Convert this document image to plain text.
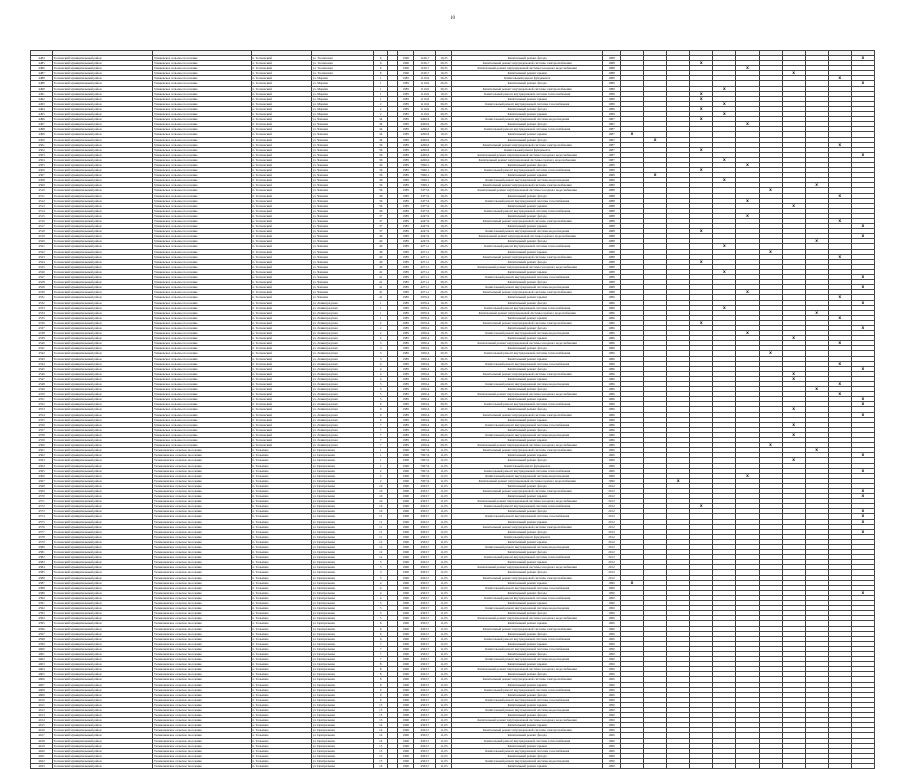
10

4484	Тосненский муниципальный район	Ушаковское сельское поселение	п. Тосненский	ул. Тосненская	6		1990	1106,7	10,25	Капитальный ремонт фасада	1988											X
4485	Тосненский муниципальный район	Ушаковское сельское поселение	п. Тосненский	ул. Тосненская	6		1990	1106,7	20,25	Капитальный ремонт внутридомовой системы электроснабжения	1988				X							
4486	Тосненский муниципальный район	Ушаковское сельское поселение	п. Тосненский	ул. Тосненская	6		1990	1106,7	30,25	Капитальный ремонт внутридомовой системы холодного водоснабжения	1988						X					
4487	Тосненский муниципальный район	Ушаковское сельское поселение	п. Тосненский	ул. Тосненская	6		1990	1106,7	10,25	Капитальный ремонт крыши	1988								X			
4488	Тосненский муниципальный район	Ушаковское сельское поселение	п. Тосненский	ул. Марина	1		1985	1116,9	30,25	Капитальный ремонт фундамента	1989										X	
4489	Тосненский муниципальный район	Ушаковское сельское поселение	п. Тосненский	ул. Марина	1		1985	1116,9	20,25	Капитальный ремонт фасада	1989											X
4490	Тосненский муниципальный район	Ушаковское сельское поселение	п. Тосненский	ул. Марина	1		1985	1116,9	30,25	Капитальный ремонт внутридомовой системы электроснабжения	1989					X						
4491	Тосненский муниципальный район	Ушаковское сельское поселение	п. Тосненский	ул. Марина	1		1985	1116,9	10,25	Капитальный ремонт внутридомовой системы теплоснабжения	1989				X							
4492	Тосненский муниципальный район	Ушаковское сельское поселение	п. Тосненский	ул. Марина	1		1985	1116,9	20,25	Капитальный ремонт крыши	1989				X							
4493	Тосненский муниципальный район	Ушаковское сельское поселение	п. Тосненский	ул. Марина	2		1985	1116,9	30,25	Капитальный ремонт внутридомовой системы газоснабжения	1989					X						
4494	Тосненский муниципальный район	Ушаковское сельское поселение	п. Тосненский	ул. Марина	2		1985	1116,9	10,25	Капитальный ремонт фасада	1989				X							
4495	Тосненский муниципальный район	Ушаковское сельское поселение	п. Тосненский	ул. Марина	2		1985	1116,9	20,25	Капитальный ремонт крыши	1989					X						
4496	Тосненский муниципальный район	Ушаковское сельское поселение	п. Тосненский	ул. Чапаева	34		1985	4260,6	10,25	Капитальный ремонт внутридомовой системы водоотведения	1987				X							
4497	Тосненский муниципальный район	Ушаковское сельское поселение	п. Тосненский	ул. Чапаева	34		1985	4260,6	20,25	Капитальный ремонт фасада	1987						X					
4498	Тосненский муниципальный район	Ушаковское сельское поселение	п. Тосненский	ул. Чапаева	34		1985	4260,6	30,25	Капитальный ремонт внутридомовой системы теплоснабжения	1987											
4499	Тосненский муниципальный район	Ушаковское сельское поселение	п. Тосненский	ул. Чапаева	34		1985	4260,6	10,25	Капитальный ремонт крыши	1987	X										
4500	Тосненский муниципальный район	Ушаковское сельское поселение	п. Тосненский	ул. Чапаева	34		1985	4260,6	20,25	Капитальный ремонт фасада	1987		X									
4501	Тосненский муниципальный район	Ушаковское сельское поселение	п. Тосненский	ул. Чапаева	36		1985	4260,6	30,25	Капитальный ремонт внутридомовой системы электроснабжения	1987										X	
4502	Тосненский муниципальный район	Ушаковское сельское поселение	п. Тосненский	ул. Чапаева	36		1985	4260,6	10,25	Капитальный ремонт фундамента	1987				X							
4503	Тосненский муниципальный район	Ушаковское сельское поселение	п. Тосненский	ул. Чапаева	36		1985	4260,6	20,25	Капитальный ремонт внутридомовой системы холодного водоснабжения	1987											X
4504	Тосненский муниципальный район	Ушаковское сельское поселение	п. Тосненский	ул. Чапаева	36		1985	4260,6	30,25	Капитальный ремонт внутридомовой системы горячего водоснабжения	1987					X						
4505	Тосненский муниципальный район	Ушаковское сельское поселение	п. Тосненский	ул. Чапаева	36		1985	7060,1	10,25	Капитальный ремонт фасада	1989						X					
4506	Тосненский муниципальный район	Ушаковское сельское поселение	п. Тосненский	ул. Чапаева	36		1985	7060,1	20,25	Капитальный ремонт внутридомовой системы теплоснабжения	1989				X							
4507	Тосненский муниципальный район	Ушаковское сельское поселение	п. Тосненский	ул. Чапаева	36		1985	7060,1	30,25	Капитальный ремонт крыши	1989		X									
4508	Тосненский муниципальный район	Ушаковское сельское поселение	п. Тосненский	ул. Чапаева	36		1985	7060,1	10,25	Капитальный ремонт внутридомовой системы водоотведения	1989					X						
4509	Тосненский муниципальный район	Ушаковское сельское поселение	п. Тосненский	ул. Чапаева	36		1985	7060,1	20,25	Капитальный ремонт внутридомовой системы электроснабжения	1989									X		
4510	Тосненский муниципальный район	Ушаковское сельское поселение	п. Тосненский	ул. Чапаева	36		1985	3477,6	30,25	Капитальный ремонт внутридомовой системы холодного водоснабжения	1988							X				
4511	Тосненский муниципальный район	Ушаковское сельское поселение	п. Тосненский	ул. Чапаева	36		1985	3477,6	10,25	Капитальный ремонт фасада	1988										X	
4512	Тосненский муниципальный район	Ушаковское сельское поселение	п. Тосненский	ул. Чапаева	36		1985	3477,6	20,25	Капитальный ремонт внутридомовой системы газоснабжения	1988						X					
4513	Тосненский муниципальный район	Ушаковское сельское поселение	п. Тосненский	ул. Чапаева	36		1985	3477,6	30,25	Капитальный ремонт крыши	1988								X			
4514	Тосненский муниципальный район	Ушаковское сельское поселение	п. Тосненский	ул. Чапаева	36		1985	3477,6	10,25	Капитальный ремонт внутридомовой системы теплоснабжения	1988											
4515	Тосненский муниципальный район	Ушаковское сельское поселение	п. Тосненский	ул. Чапаева	37		1985	4247,9	20,25	Капитальный ремонт фасада	1988						X					
4516	Тосненский муниципальный район	Ушаковское сельское поселение	п. Тосненский	ул. Чапаева	37		1985	4247,9	30,25	Капитальный ремонт внутридомовой системы электроснабжения	1988										X	
4517	Тосненский муниципальный район	Ушаковское сельское поселение	п. Тосненский	ул. Чапаева	37		1985	4247,9	10,25	Капитальный ремонт крыши	1988											X
4518	Тосненский муниципальный район	Ушаковское сельское поселение	п. Тосненский	ул. Чапаева	37		1985	4247,9	20,25	Капитальный ремонт внутридомовой системы водоотведения	1988				X							
4519	Тосненский муниципальный район	Ушаковское сельское поселение	п. Тосненский	ул. Чапаева	40		1985	4247,9	30,25	Капитальный ремонт внутридомовой системы горячего водоснабжения	1988											X
4520	Тосненский муниципальный район	Ушаковское сельское поселение	п. Тосненский	ул. Чапаева	40		1985	4247,9	10,25	Капитальный ремонт фасада	1988									X		
4521	Тосненский муниципальный район	Ушаковское сельское поселение	п. Тосненский	ул. Чапаева	40		1985	4271,1	20,25	Капитальный ремонт внутридомовой системы теплоснабжения	1988					X						
4522	Тосненский муниципальный район	Ушаковское сельское поселение	п. Тосненский	ул. Чапаева	40		1985	4271,1	30,25	Капитальный ремонт крыши	1988							X				
4523	Тосненский муниципальный район	Ушаковское сельское поселение	п. Тосненский	ул. Чапаева	40		1985	4271,1	10,25	Капитальный ремонт внутридомовой системы электроснабжения	1988										X	
4524	Тосненский муниципальный район	Ушаковское сельское поселение	п. Тосненский	ул. Чапаева	40		1985	4271,1	20,25	Капитальный ремонт фасада	1988				X							
4525	Тосненский муниципальный район	Ушаковское сельское поселение	п. Тосненский	ул. Чапаева	40		1985	4271,1	30,25	Капитальный ремонт внутридомовой системы холодного водоснабжения	1988											
4526	Тосненский муниципальный район	Ушаковское сельское поселение	п. Тосненский	ул. Чапаева	41		1985	4271,1	10,25	Капитальный ремонт крыши	1988					X						
4527	Тосненский муниципальный район	Ушаковское сельское поселение	п. Тосненский	ул. Чапаева	41		1985	4271,1	20,25	Капитальный ремонт внутридомовой системы газоснабжения	1988											X
4528	Тосненский муниципальный район	Ушаковское сельское поселение	п. Тосненский	ул. Чапаева	41		1985	4271,1	30,25	Капитальный ремонт фасада	1988											
4529	Тосненский муниципальный район	Ушаковское сельское поселение	п. Тосненский	ул. Чапаева	41		1985	4271,1	10,25	Капитальный ремонт внутридомовой системы водоотведения	1988											X
4530	Тосненский муниципальный район	Ушаковское сельское поселение	п. Тосненский	ул. Чапаева	41		1985	4271,1	20,25	Капитальный ремонт внутридомовой системы электроснабжения	1988						X					
4531	Тосненский муниципальный район	Ушаковское сельское поселение	п. Тосненский	ул. Чапаева	41		1985	2976,4	30,25	Капитальный ремонт крыши	1986										X	
4532	Тосненский муниципальный район	Ушаковское сельское поселение	п. Тосненский	ул. Ленинградская	1		1985	2976,4	10,25	Капитальный ремонт фасада	1986											X
4533	Тосненский муниципальный район	Ушаковское сельское поселение	п. Тосненский	ул. Ленинградская	1		1985	2976,4	20,25	Капитальный ремонт внутридомовой системы теплоснабжения	1986					X						
4534	Тосненский муниципальный район	Ушаковское сельское поселение	п. Тосненский	ул. Ленинградская	1		1985	2976,4	30,25	Капитальный ремонт внутридомовой системы горячего водоснабжения	1986									X		
4535	Тосненский муниципальный район	Ушаковское сельское поселение	п. Тосненский	ул. Ленинградская	1		1985	2976,4	10,25	Капитальный ремонт крыши	1986										X	
4536	Тосненский муниципальный район	Ушаковское сельское поселение	п. Тосненский	ул. Ленинградская	2		1985	2976,4	20,25	Капитальный ремонт внутридомовой системы электроснабжения	1986				X							
4537	Тосненский муниципальный район	Ушаковское сельское поселение	п. Тосненский	ул. Ленинградская	2		1985	1950,4	30,25	Капитальный ремонт фасада	1986											X
4538	Тосненский муниципальный район	Ушаковское сельское поселение	п. Тосненский	ул. Ленинградская	2		1985	1950,4	10,25	Капитальный ремонт внутридомовой системы водоотведения	1986						X					
4539	Тосненский муниципальный район	Ушаковское сельское поселение	п. Тосненский	ул. Ленинградская	2		1985	1950,4	20,25	Капитальный ремонт крыши	1986								X			
4540	Тосненский муниципальный район	Ушаковское сельское поселение	п. Тосненский	ул. Ленинградская	3		1985	1950,4	30,25	Капитальный ремонт внутридомовой системы холодного водоснабжения	1986										X	
4541	Тосненский муниципальный район	Ушаковское сельское поселение	п. Тосненский	ул. Ленинградская	3		1985	1950,4	10,25	Капитальный ремонт фасада	1986											
4542	Тосненский муниципальный район	Ушаковское сельское поселение	п. Тосненский	ул. Ленинградская	3		1985	1950,4	20,25	Капитальный ремонт внутридомовой системы теплоснабжения	1986							X				
4543	Тосненский муниципальный район	Ушаковское сельское поселение	п. Тосненский	ул. Ленинградская	3		1985	1950,4	30,25	Капитальный ремонт крыши	1986											
4544	Тосненский муниципальный район	Ушаковское сельское поселение	п. Тосненский	ул. Ленинградская	4		1985	1950,4	10,25	Капитальный ремонт внутридомовой системы газоснабжения	1986										X	
4545	Тосненский муниципальный район	Ушаковское сельское поселение	п. Тосненский	ул. Ленинградская	4		1985	1950,4	20,25	Капитальный ремонт фасада	1986											X
4546	Тосненский муниципальный район	Ушаковское сельское поселение	п. Тосненский	ул. Ленинградская	4		1985	1950,4	30,25	Капитальный ремонт внутридомовой системы электроснабжения	1986								X			
4547	Тосненский муниципальный район	Ушаковское сельское поселение	п. Тосненский	ул. Ленинградская	4		1985	1950,4	10,25	Капитальный ремонт крыши	1986								X			
4548	Тосненский муниципальный район	Ушаковское сельское поселение	п. Тосненский	ул. Ленинградская	5		1985	1950,4	20,25	Капитальный ремонт внутридомовой системы водоотведения	1986										X	
4549	Тосненский муниципальный район	Ушаковское сельское поселение	п. Тосненский	ул. Ленинградская	5		1985	1950,4	30,25	Капитальный ремонт фасада	1986									X		
4550	Тосненский муниципальный район	Ушаковское сельское поселение	п. Тосненский	ул. Ленинградская	5		1985	1950,4	10,25	Капитальный ремонт внутридомовой системы холодного водоснабжения	1986										X	
4551	Тосненский муниципальный район	Ушаковское сельское поселение	п. Тосненский	ул. Ленинградская	5		1985	1950,4	20,25	Капитальный ремонт крыши	1986											X
4552	Тосненский муниципальный район	Ушаковское сельское поселение	п. Тосненский	ул. Ленинградская	6		1985	1950,4	30,25	Капитальный ремонт внутридомовой системы теплоснабжения	1986											X
4553	Тосненский муниципальный район	Ушаковское сельское поселение	п. Тосненский	ул. Ленинградская	6		1985	1950,4	10,25	Капитальный ремонт фасада	1986								X			
4554	Тосненский муниципальный район	Ушаковское сельское поселение	п. Тосненский	ул. Ленинградская	6		1985	1950,4	20,25	Капитальный ремонт внутридомовой системы электроснабжения	1986											X
4555	Тосненский муниципальный район	Ушаковское сельское поселение	п. Тосненский	ул. Ленинградская	6		1985	1950,4	30,25	Капитальный ремонт крыши	1986											
4556	Тосненский муниципальный район	Ушаковское сельское поселение	п. Тосненский	ул. Ленинградская	7		1985	1950,4	10,25	Капитальный ремонт внутридомовой системы газоснабжения	1986								X			
4557	Тосненский муниципальный район	Ушаковское сельское поселение	п. Тосненский	ул. Ленинградская	7		1985	1950,4	20,25	Капитальный ремонт фасада	1986											
4558	Тосненский муниципальный район	Ушаковское сельское поселение	п. Тосненский	ул. Ленинградская	7		1985	1950,4	30,25	Капитальный ремонт внутридомовой системы водоотведения	1986								X			
4559	Тосненский муниципальный район	Ушаковское сельское поселение	п. Тосненский	ул. Ленинградская	7		1985	1950,4	10,25	Капитальный ремонт крыши	1986											
4560	Тосненский муниципальный район	Ушаковское сельское поселение	п. Тосненский	ул. Ленинградская	7		1985	1950,4	20,25	Капитальный ремонт внутридомовой системы холодного водоснабжения	1986							X				
4561	Тосненский муниципальный район	Тельмановское сельское поселение	п. Тельмана	ул. Центральная	1		1990	7007,6	11,03	Капитальный ремонт внутридомовой системы электроснабжения	1990									X		
4562	Тосненский муниципальный район	Тельмановское сельское поселение	п. Тельмана	ул. Центральная	1		1990	7007,6	11,03	Капитальный ремонт крыши	1990											X
4563	Тосненский муниципальный район	Тельмановское сельское поселение	п. Тельмана	ул. Центральная	1		1990	7007,6	11,03	Капитальный ремонт фасада	1990								X			
4564	Тосненский муниципальный район	Тельмановское сельское поселение	п. Тельмана	ул. Центральная	1		1990	7007,6	11,03	Капитальный ремонт фундамента	1990											
4565	Тосненский муниципальный район	Тельмановское сельское поселение	п. Тельмана	ул. Центральная	2		1990	7007,6	11,03	Капитальный ремонт внутридомовой системы теплоснабжения	1990											X
4566	Тосненский муниципальный район	Тельмановское сельское поселение	п. Тельмана	ул. Центральная	2		1990	7007,6	11,03	Капитальный ремонт внутридомовой системы водоотведения	1990						X					
4567	Тосненский муниципальный район	Тельмановское сельское поселение	п. Тельмана	ул. Центральная	2		1990	7007,6	11,03	Капитальный ремонт внутридомовой системы горячего водоснабжения	1990			X								
4568	Тосненский муниципальный район	Тельмановское сельское поселение	п. Тельмана	ул. Центральная	10		1990	4563,7	11,03	Капитальный ремонт фасада	2012											
4569	Тосненский муниципальный район	Тельмановское сельское поселение	п. Тельмана	ул. Центральная	10		1990	4563,7	11,03	Капитальный ремонт внутридомовой системы электроснабжения	2012											X
4570	Тосненский муниципальный район	Тельмановское сельское поселение	п. Тельмана	ул. Центральная	10		1990	4563,7	11,03	Капитальный ремонт крыши	2012											X
4571	Тосненский муниципальный район	Тельмановское сельское поселение	п. Тельмана	ул. Центральная	10		1990	4563,7	11,03	Капитальный ремонт внутридомовой системы холодного водоснабжения	2012											
4572	Тосненский муниципальный район	Тельмановское сельское поселение	п. Тельмана	ул. Центральная	10		1990	4563,7	11,03	Капитальный ремонт внутридомовой системы теплоснабжения	2012				X							
4573	Тосненский муниципальный район	Тельмановское сельское поселение	п. Тельмана	ул. Центральная	10		1990	4563,7	11,03	Капитальный ремонт фасада	2012											X
4574	Тосненский муниципальный район	Тельмановское сельское поселение	п. Тельмана	ул. Центральная	11		1990	4563,7	11,03	Капитальный ремонт внутридомовой системы газоснабжения	2012											X
4575	Тосненский муниципальный район	Тельмановское сельское поселение	п. Тельмана	ул. Центральная	11		1990	4563,7	11,03	Капитальный ремонт крыши	2012											X
4576	Тосненский муниципальный район	Тельмановское сельское поселение	п. Тельмана	ул. Центральная	11		1990	4563,7	11,03	Капитальный ремонт внутридомовой системы электроснабжения	2012											
4577	Тосненский муниципальный район	Тельмановское сельское поселение	п. Тельмана	ул. Центральная	11		1990	4563,7	11,03	Капитальный ремонт фасада	2012											X
4578	Тосненский муниципальный район	Тельмановское сельское поселение	п. Тельмана	ул. Центральная	11		1990	4563,7	11,03	Капитальный ремонт фундамента	2012											
4579	Тосненский муниципальный район	Тельмановское сельское поселение	п. Тельмана	ул. Центральная	12		1990	4563,7	11,03	Капитальный ремонт крыши	2012											
4580	Тосненский муниципальный район	Тельмановское сельское поселение	п. Тельмана	ул. Центральная	12		1990	4563,7	11,03	Капитальный ремонт внутридомовой системы водоотведения	2012											
4581	Тосненский муниципальный район	Тельмановское сельское поселение	п. Тельмана	ул. Центральная	12		1990	4563,7	11,03	Капитальный ремонт фасада	2012											
4582	Тосненский муниципальный район	Тельмановское сельское поселение	п. Тельмана	ул. Центральная	12		1990	4563,7	11,03	Капитальный ремонт внутридомовой системы теплоснабжения	2012											
4583	Тосненский муниципальный район	Тельмановское сельское поселение	п. Тельмана	ул. Центральная	3		1990	4563,7	11,03	Капитальный ремонт крыши	2012											
4584	Тосненский муниципальный район	Тельмановское сельское поселение	п. Тельмана	ул. Центральная	3		1990	4563,7	11,03	Капитальный ремонт внутридомовой системы холодного водоснабжения	2012											
4585	Тосненский муниципальный район	Тельмановское сельское поселение	п. Тельмана	ул. Центральная	3		1990	4563,7	11,03	Капитальный ремонт фасада	2012											
4586	Тосненский муниципальный район	Тельмановское сельское поселение	п. Тельмана	ул. Центральная	3		1990	4563,7	11,03	Капитальный ремонт внутридомовой системы электроснабжения	2012											
4587	Тосненский муниципальный район	Тельмановское сельское поселение	п. Тельмана	ул. Центральная	4		1990	4563,7	11,03	Капитальный ремонт крыши	1990	X										
4588	Тосненский муниципальный район	Тельмановское сельское поселение	п. Тельмана	ул. Центральная	4		1990	4563,7	11,03	Капитальный ремонт внутридомовой системы газоснабжения	1990											
4589	Тосненский муниципальный район	Тельмановское сельское поселение	п. Тельмана	ул. Центральная	4		1990	4563,7	11,03	Капитальный ремонт фасада	1990											X
4590	Тосненский муниципальный район	Тельмановское сельское поселение	п. Тельмана	ул. Центральная	4		1990	4563,7	11,03	Капитальный ремонт внутридомовой системы теплоснабжения	1990											
4591	Тосненский муниципальный район	Тельмановское сельское поселение	п. Тельмана	ул. Центральная	5		1990	4563,7	11,03	Капитальный ремонт крыши	1990											
4592	Тосненский муниципальный район	Тельмановское сельское поселение	п. Тельмана	ул. Центральная	5		1990	4563,7	11,03	Капитальный ремонт внутридомовой системы водоотведения	1990											
4593	Тосненский муниципальный район	Тельмановское сельское поселение	п. Тельмана	ул. Центральная	5		1990	4563,7	11,03	Капитальный ремонт фасада	1990											
4594	Тосненский муниципальный район	Тельмановское сельское поселение	п. Тельмана	ул. Центральная	5		1990	4563,7	11,03	Капитальный ремонт внутридомовой системы холодного водоснабжения	1990											
4595	Тосненский муниципальный район	Тельмановское сельское поселение	п. Тельмана	ул. Центральная	6		1990	4563,7	11,03	Капитальный ремонт крыши	1990											
4596	Тосненский муниципальный район	Тельмановское сельское поселение	п. Тельмана	ул. Центральная	6		1990	4563,7	11,03	Капитальный ремонт внутридомовой системы электроснабжения	1990											
4597	Тосненский муниципальный район	Тельмановское сельское поселение	п. Тельмана	ул. Центральная	6		1990	4563,7	11,03	Капитальный ремонт фасада	1990											
4598	Тосненский муниципальный район	Тельмановское сельское поселение	п. Тельмана	ул. Центральная	6		1990	4563,7	11,03	Капитальный ремонт внутридомовой системы теплоснабжения	1990											
4599	Тосненский муниципальный район	Тельмановское сельское поселение	п. Тельмана	ул. Центральная	7		1990	4563,7	11,03	Капитальный ремонт крыши	1990											
4600	Тосненский муниципальный район	Тельмановское сельское поселение	п. Тельмана	ул. Центральная	7		1990	4563,7	11,03	Капитальный ремонт внутридомовой системы газоснабжения	1990											
4601	Тосненский муниципальный район	Тельмановское сельское поселение	п. Тельмана	ул. Центральная	7		1990	4563,7	11,03	Капитальный ремонт фасада	1990											
4602	Тосненский муниципальный район	Тельмановское сельское поселение	п. Тельмана	ул. Центральная	7		1990	4563,7	11,03	Капитальный ремонт внутридомовой системы водоотведения	1990											
4603	Тосненский муниципальный район	Тельмановское сельское поселение	п. Тельмана	ул. Центральная	8		1990	4563,7	11,03	Капитальный ремонт крыши	1990											
4604	Тосненский муниципальный район	Тельмановское сельское поселение	п. Тельмана	ул. Центральная	8		1990	4563,7	11,03	Капитальный ремонт внутридомовой системы холодного водоснабжения	1990											
4605	Тосненский муниципальный район	Тельмановское сельское поселение	п. Тельмана	ул. Центральная	8		1990	4563,7	11,03	Капитальный ремонт фасада	1990											
4606	Тосненский муниципальный район	Тельмановское сельское поселение	п. Тельмана	ул. Центральная	8		1990	4563,7	11,03	Капитальный ремонт внутридомовой системы электроснабжения	1990											
4607	Тосненский муниципальный район	Тельмановское сельское поселение	п. Тельмана	ул. Центральная	9		1990	4563,7	11,03	Капитальный ремонт крыши	1990											
4608	Тосненский муниципальный район	Тельмановское сельское поселение	п. Тельмана	ул. Центральная	9		1990	4563,7	11,03	Капитальный ремонт внутридомовой системы теплоснабжения	1990											
4609	Тосненский муниципальный район	Тельмановское сельское поселение	п. Тельмана	ул. Центральная	9		1990	4563,7	11,03	Капитальный ремонт фасада	1990											
4610	Тосненский муниципальный район	Тельмановское сельское поселение	п. Тельмана	ул. Центральная	9		1990	4563,7	11,03	Капитальный ремонт внутридомовой системы газоснабжения	1990											
4611	Тосненский муниципальный район	Тельмановское сельское поселение	п. Тельмана	ул. Центральная	13		1990	4563,7	11,03	Капитальный ремонт крыши	1990											
4612	Тосненский муниципальный район	Тельмановское сельское поселение	п. Тельмана	ул. Центральная	13		1990	4563,7	11,03	Капитальный ремонт внутридомовой системы водоотведения	1990											
4613	Тосненский муниципальный район	Тельмановское сельское поселение	п. Тельмана	ул. Центральная	13		1990	4563,7	11,03	Капитальный ремонт фасада	1990											
4614	Тосненский муниципальный район	Тельмановское сельское поселение	п. Тельмана	ул. Центральная	13		1990	4563,7	11,03	Капитальный ремонт внутридомовой системы холодного водоснабжения	1990											
4615	Тосненский муниципальный район	Тельмановское сельское поселение	п. Тельмана	ул. Центральная	14		1990	4563,7	11,03	Капитальный ремонт крыши	1990											
4616	Тосненский муниципальный район	Тельмановское сельское поселение	п. Тельмана	ул. Центральная	14		1990	4563,7	11,03	Капитальный ремонт внутридомовой системы электроснабжения	1990											
4617	Тосненский муниципальный район	Тельмановское сельское поселение	п. Тельмана	ул. Центральная	14		1990	4563,7	11,03	Капитальный ремонт фасада	1990											
4618	Тосненский муниципальный район	Тельмановское сельское поселение	п. Тельмана	ул. Центральная	14		1990	4563,7	11,03	Капитальный ремонт внутридомовой системы теплоснабжения	1990											
4619	Тосненский муниципальный район	Тельмановское сельское поселение	п. Тельмана	ул. Центральная	15		1990	4563,7	11,03	Капитальный ремонт крыши	1990											
4620	Тосненский муниципальный район	Тельмановское сельское поселение	п. Тельмана	ул. Центральная	15		1990	4563,7	11,03	Капитальный ремонт внутридомовой системы газоснабжения	1990											
4621	Тосненский муниципальный район	Тельмановское сельское поселение	п. Тельмана	ул. Центральная	15		1990	4563,7	11,03	Капитальный ремонт фасада	1990											
4622	Тосненский муниципальный район	Тельмановское сельское поселение	п. Тельмана	ул. Центральная	15		1990	4563,7	11,03	Капитальный ремонт внутридомовой системы водоотведения	1990											
4623	Тосненский муниципальный район	Тельмановское сельское поселение	п. Тельмана	ул. Центральная	16		1990	4563,7	11,03	Капитальный ремонт крыши	1990											
